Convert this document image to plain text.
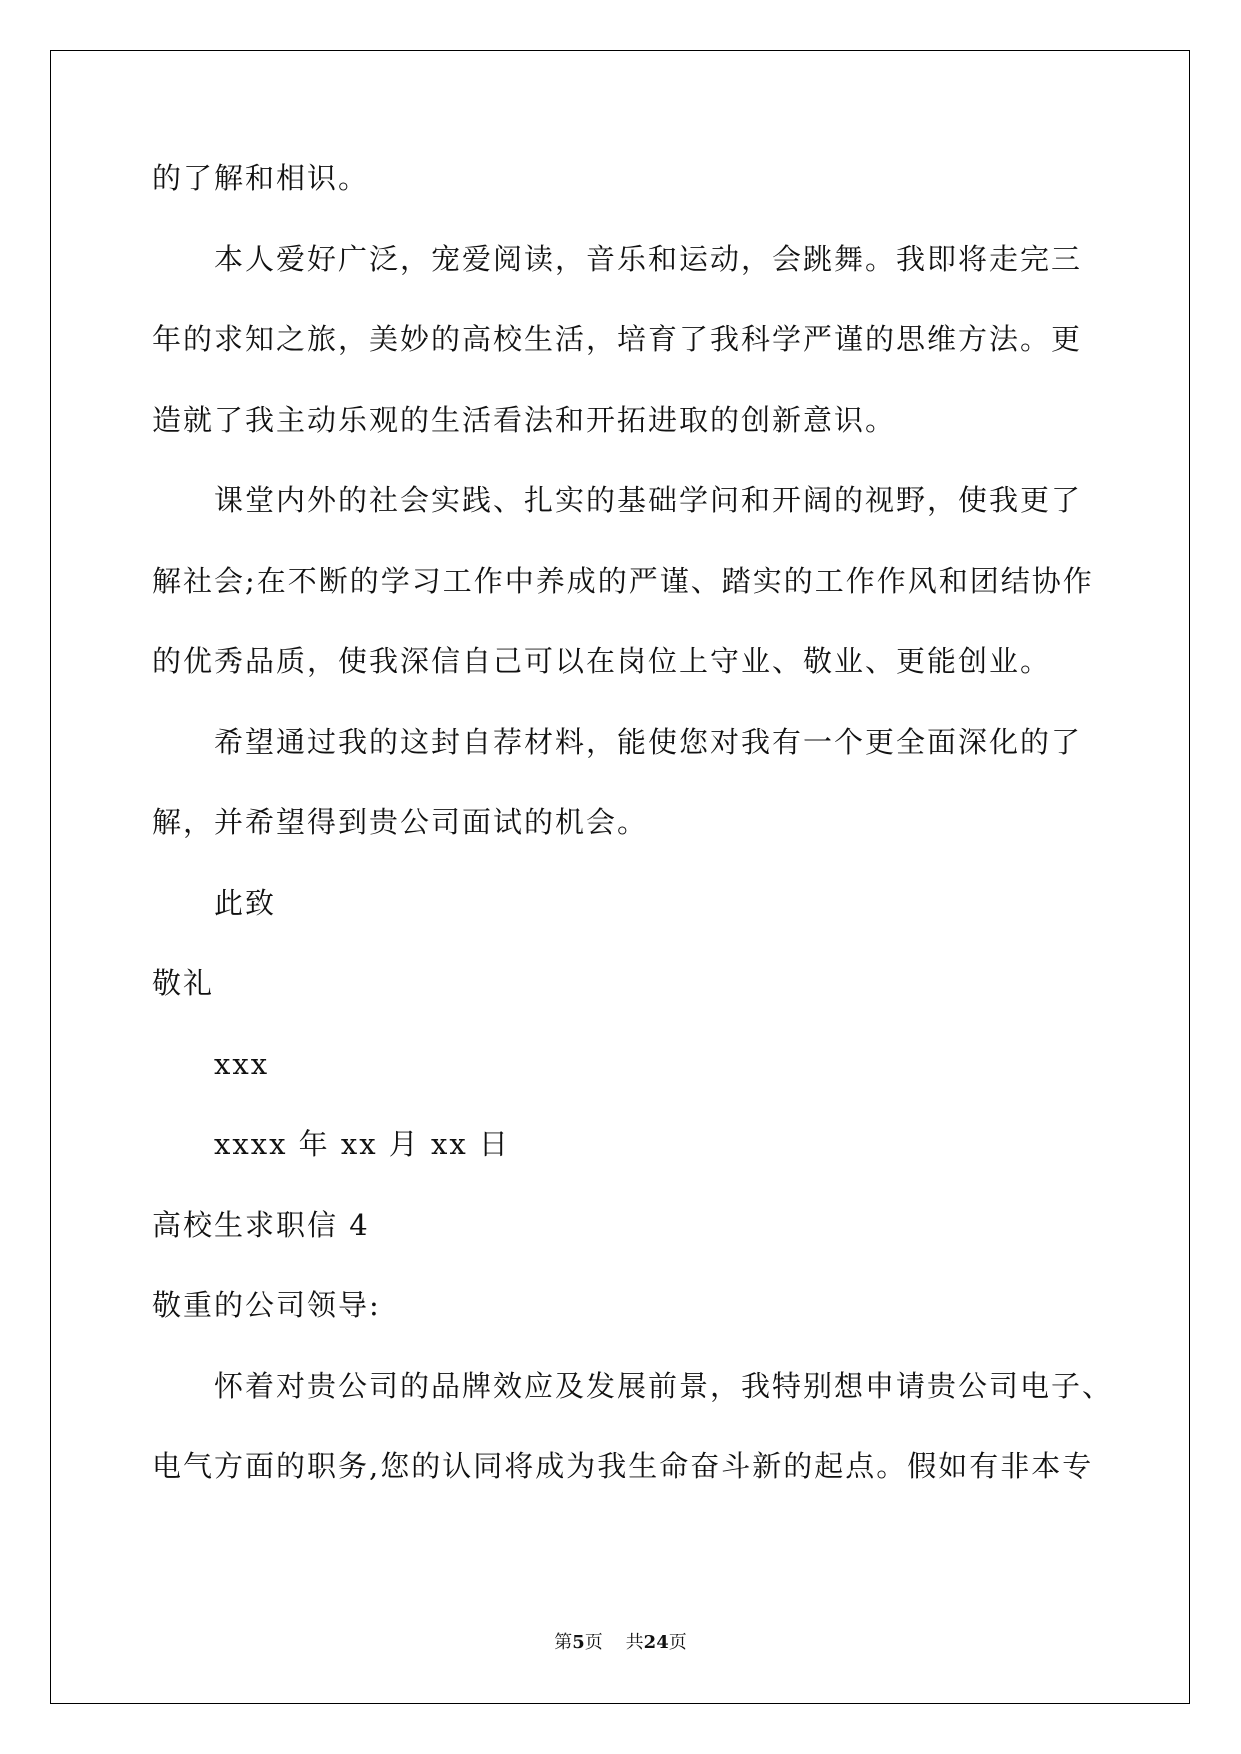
的了解和相识。
本人爱好广泛，宠爱阅读，音乐和运动，会跳舞。我即将走完三
年的求知之旅，美妙的高校生活，培育了我科学严谨的思维方法。更
造就了我主动乐观的生活看法和开拓进取的创新意识。
课堂内外的社会实践、扎实的基础学问和开阔的视野，使我更了
解社会;在不断的学习工作中养成的严谨、踏实的工作作风和团结协作
的优秀品质，使我深信自己可以在岗位上守业、敬业、更能创业。
希望通过我的这封自荐材料，能使您对我有一个更全面深化的了
解，并希望得到贵公司面试的机会。
此致
敬礼
xxx
xxxx 年 xx 月 xx 日
高校生求职信 4
敬重的公司领导:
怀着对贵公司的品牌效应及发展前景，我特别想申请贵公司电子、
电气方面的职务,您的认同将成为我生命奋斗新的起点。假如有非本专
第5页 共24页
